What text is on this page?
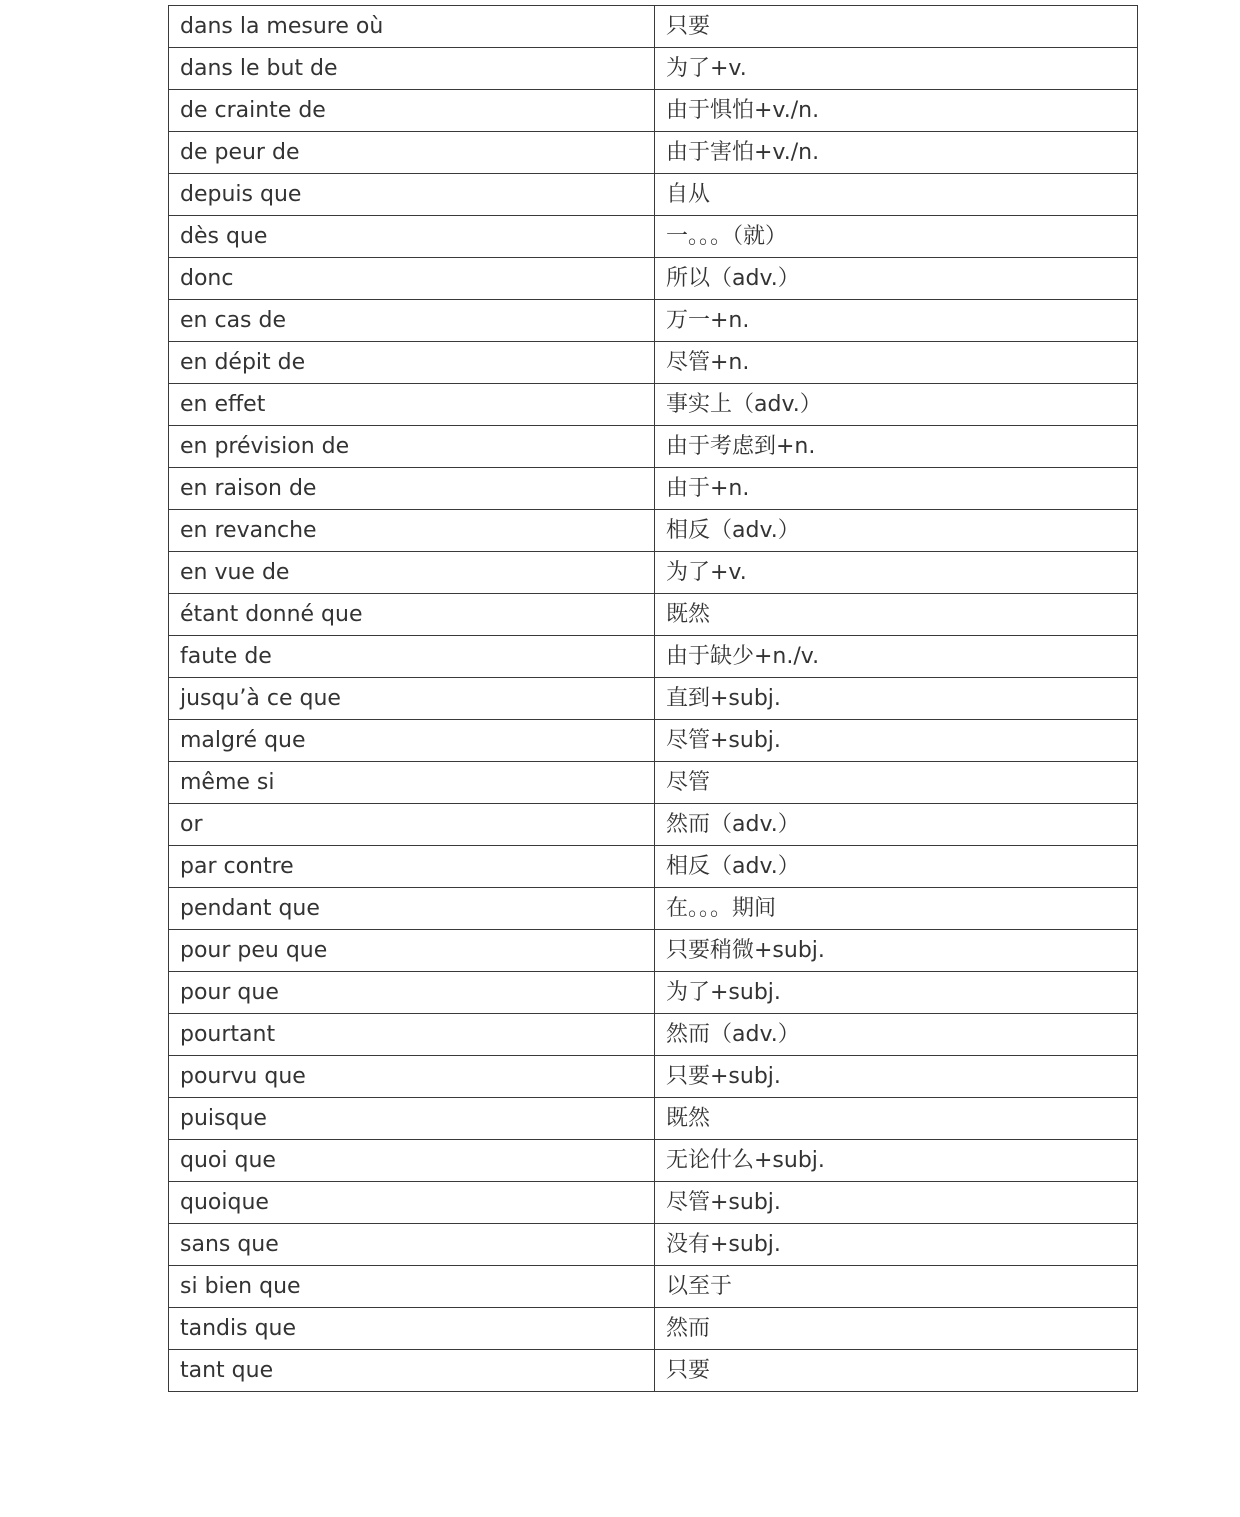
dans la mesure où	只要
dans le but de	为了+v.
de crainte de	由于惧怕+v./n.
de peur de	由于害怕+v./n.
depuis que	自从
dès que	一。。。（就）
donc	所以（adv.）
en cas de	万一+n.
en dépit de	尽管+n.
en effet	事实上（adv.）
en prévision de	由于考虑到+n.
en raison de	由于+n.
en revanche	相反（adv.）
en vue de	为了+v.
étant donné que	既然
faute de	由于缺少+n./v.
jusqu’à ce que	直到+subj.
malgré que	尽管+subj.
même si	尽管
or	然而（adv.）
par contre	相反（adv.）
pendant que	在。。。期间
pour peu que	只要稍微+subj.
pour que	为了+subj.
pourtant	然而（adv.）
pourvu que	只要+subj.
puisque	既然
quoi que	无论什么+subj.
quoique	尽管+subj.
sans que	没有+subj.
si bien que	以至于
tandis que	然而
tant que	只要
